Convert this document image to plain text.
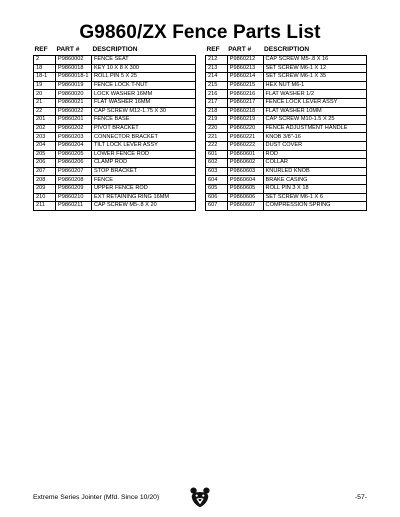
G9860/ZX Fence Parts List
REF	PART #	DESCRIPTION
2	P9860002	FENCE SEAT
18	P9860018	KEY 10 X 8 X 300
18-1	P9860018-1	ROLL PIN 5 X 25
19	P9860019	FENCE LOCK T-NUT
20	P9860020	LOCK WASHER 16MM
21	P9860021	FLAT WASHER 16MM
22	P9860022	CAP SCREW M12-1.75 X 30
201	P9860201	FENCE BASE
202	P9860202	PIVOT BRACKET
203	P9860203	CONNECTOR BRACKET
204	P9860204	TILT LOCK LEVER ASSY
205	P9860205	LOWER FENCE ROD
206	P9860206	CLAMP ROD
207	P9860207	STOP BRACKET
208	P9860208	FENCE
209	P9860209	UPPER FENCE ROD
210	P9860210	EXT RETAINING RING 16MM
211	P9860211	CAP SCREW M5-.8 X 20
REF	PART #	DESCRIPTION
212	P9860212	CAP SCREW M5-.8 X 16
213	P9860213	SET SCREW M6-1 X 12
214	P9860214	SET SCREW M6-1 X 35
215	P9860215	HEX NUT M6-1
216	P9860216	FLAT WASHER 1/2
217	P9860217	FENCE LOCK LEVER ASSY
218	P9860218	FLAT WASHER 10MM
219	P9860219	CAP SCREW M10-1.5 X 25
220	P9860220	FENCE ADJUSTMENT HANDLE
221	P9860221	KNOB 3/8"-16
222	P9860222	DUST COVER
601	P9860601	ROD
602	P9860602	COLLAR
603	P9860603	KNURLED KNOB
604	P9860604	BRAKE CASING
605	P9860605	ROLL PIN 3 X 18
606	P9860606	SET SCREW M6-1 X 6
607	P9860607	COMPRESSION SPRING
Extreme Series Jointer (Mfd. Since 10/20)	-57-
